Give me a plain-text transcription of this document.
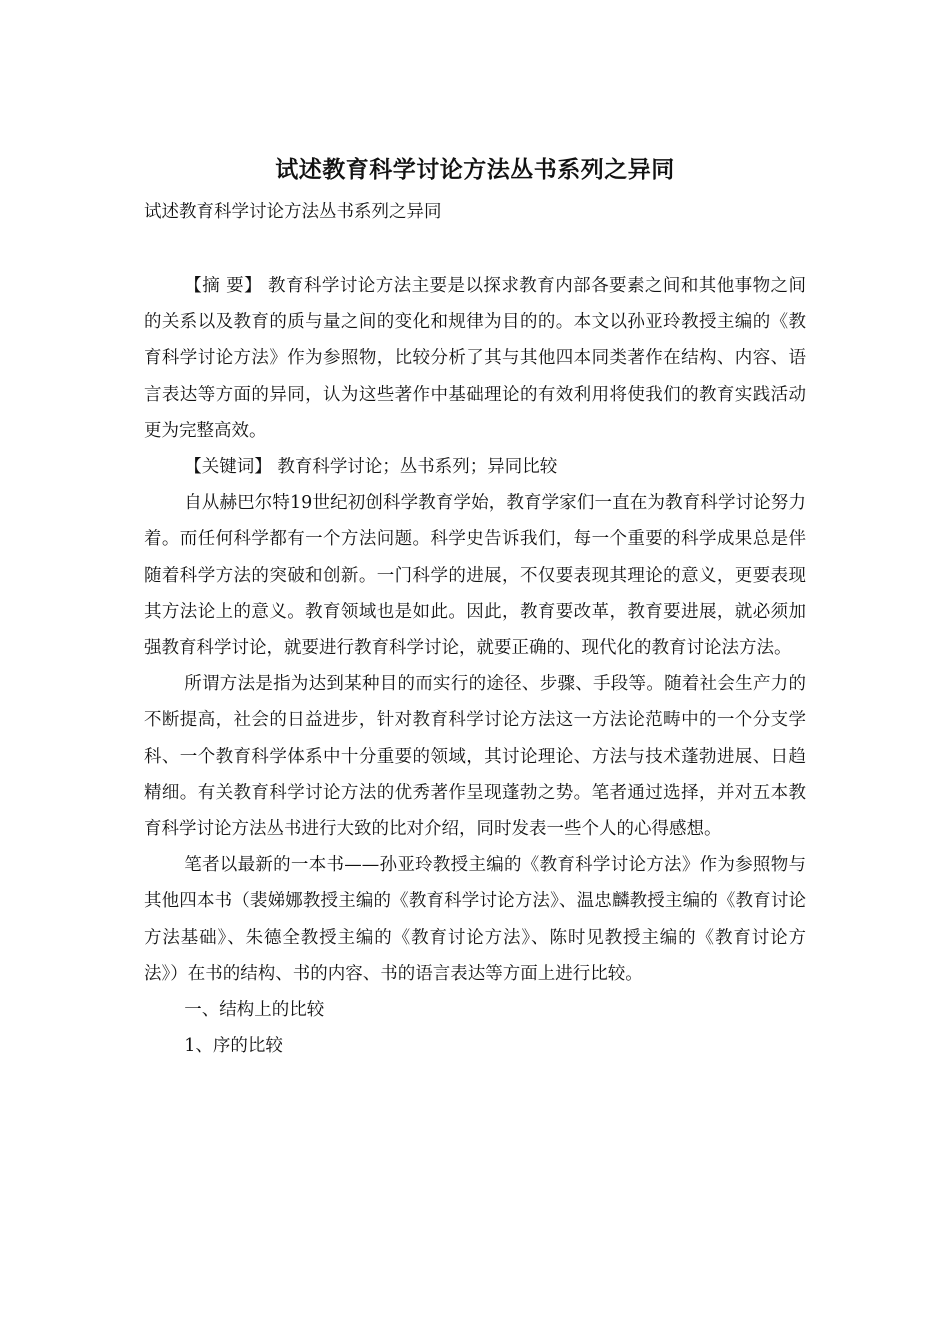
试述教育科学讨论方法丛书系列之异同
试述教育科学讨论方法丛书系列之异同

【摘 要】 教育科学讨论方法主要是以探求教育内部各要素之间和其他事物之间的关系以及教育的质与量之间的变化和规律为目的的。本文以孙亚玲教授主编的《教育科学讨论方法》作为参照物，比较分析了其与其他四本同类著作在结构、内容、语言表达等方面的异同，认为这些著作中基础理论的有效利用将使我们的教育实践活动更为完整高效。

【关键词】 教育科学讨论；丛书系列；异同比较

自从赫巴尔特19世纪初创科学教育学始，教育学家们一直在为教育科学讨论努力着。而任何科学都有一个方法问题。科学史告诉我们，每一个重要的科学成果总是伴随着科学方法的突破和创新。一门科学的进展，不仅要表现其理论的意义，更要表现其方法论上的意义。教育领域也是如此。因此，教育要改革，教育要进展，就必须加强教育科学讨论，就要进行教育科学讨论，就要正确的、现代化的教育讨论法方法。

所谓方法是指为达到某种目的而实行的途径、步骤、手段等。随着社会生产力的不断提高，社会的日益进步，针对教育科学讨论方法这一方法论范畴中的一个分支学科、一个教育科学体系中十分重要的领域，其讨论理论、方法与技术蓬勃进展、日趋精细。有关教育科学讨论方法的优秀著作呈现蓬勃之势。笔者通过选择，并对五本教育科学讨论方法丛书进行大致的比对介绍，同时发表一些个人的心得感想。

笔者以最新的一本书——孙亚玲教授主编的《教育科学讨论方法》作为参照物与其他四本书（裴娣娜教授主编的《教育科学讨论方法》、温忠麟教授主编的《教育讨论方法基础》、朱德全教授主编的《教育讨论方法》、陈时见教授主编的《教育讨论方法》）在书的结构、书的内容、书的语言表达等方面上进行比较。

一、结构上的比较

1、序的比较
